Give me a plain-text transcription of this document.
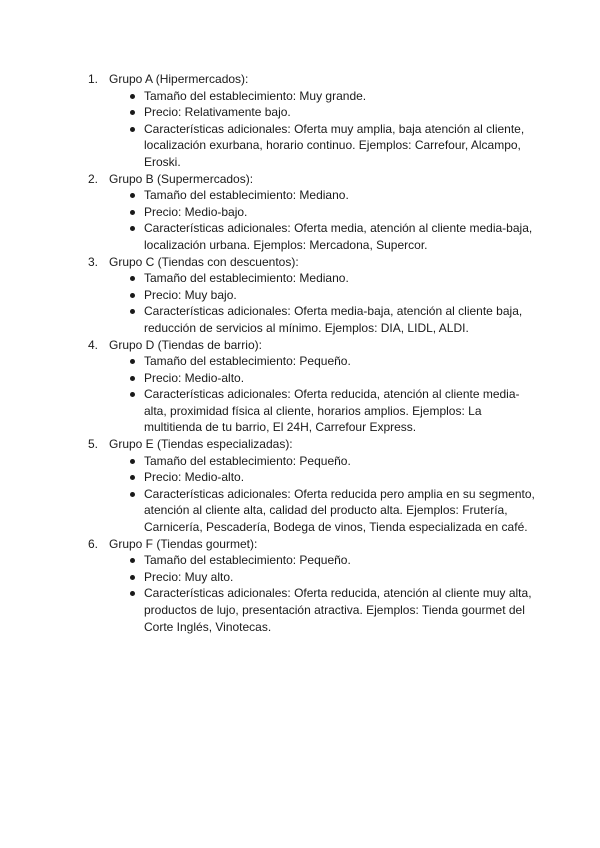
1. Grupo A (Hipermercados):
Tamaño del establecimiento: Muy grande.
Precio: Relativamente bajo.
Características adicionales: Oferta muy amplia, baja atención al cliente, localización exurbana, horario continuo. Ejemplos: Carrefour, Alcampo, Eroski.
2. Grupo B (Supermercados):
Tamaño del establecimiento: Mediano.
Precio: Medio-bajo.
Características adicionales: Oferta media, atención al cliente media-baja, localización urbana. Ejemplos: Mercadona, Supercor.
3. Grupo C (Tiendas con descuentos):
Tamaño del establecimiento: Mediano.
Precio: Muy bajo.
Características adicionales: Oferta media-baja, atención al cliente baja, reducción de servicios al mínimo. Ejemplos: DIA, LIDL, ALDI.
4. Grupo D (Tiendas de barrio):
Tamaño del establecimiento: Pequeño.
Precio: Medio-alto.
Características adicionales: Oferta reducida, atención al cliente media-alta, proximidad física al cliente, horarios amplios. Ejemplos: La multitienda de tu barrio, El 24H, Carrefour Express.
5. Grupo E (Tiendas especializadas):
Tamaño del establecimiento: Pequeño.
Precio: Medio-alto.
Características adicionales: Oferta reducida pero amplia en su segmento, atención al cliente alta, calidad del producto alta. Ejemplos: Frutería, Carnicería, Pescadería, Bodega de vinos, Tienda especializada en café.
6. Grupo F (Tiendas gourmet):
Tamaño del establecimiento: Pequeño.
Precio: Muy alto.
Características adicionales: Oferta reducida, atención al cliente muy alta, productos de lujo, presentación atractiva. Ejemplos: Tienda gourmet del Corte Inglés, Vinotecas.
